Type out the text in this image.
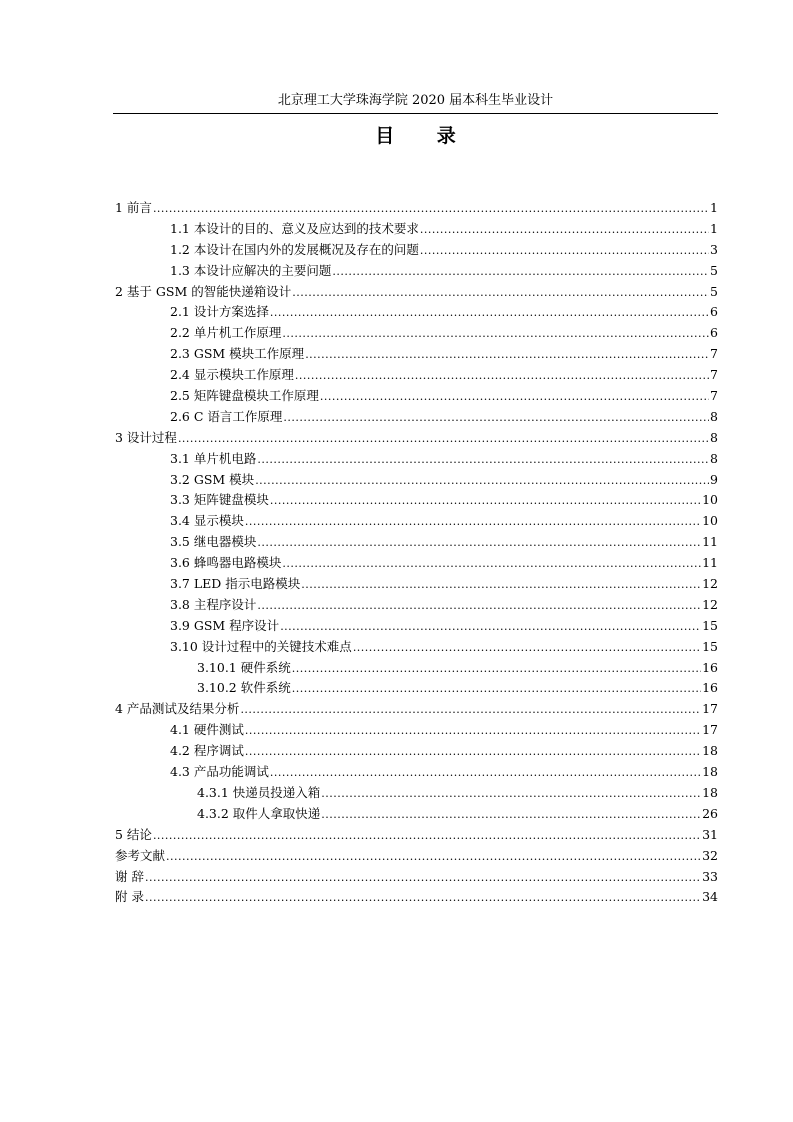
北京理工大学珠海学院 2020 届本科生毕业设计
目 录
1 前言 .....	1
1.1 本设计的目的、意义及应达到的技术要求 .....	1
1.2 本设计在国内外的发展概况及存在的问题 .....	3
1.3 本设计应解决的主要问题 .....	5
2 基于 GSM 的智能快递箱设计 .....	5
2.1 设计方案选择 .....	6
2.2 单片机工作原理 .....	6
2.3 GSM 模块工作原理 .....	7
2.4 显示模块工作原理 .....	7
2.5 矩阵键盘模块工作原理 .....	7
2.6 C 语言工作原理 .....	8
3 设计过程 .....	8
3.1 单片机电路 .....	8
3.2 GSM 模块 .....	9
3.3 矩阵键盘模块 .....	10
3.4 显示模块 .....	10
3.5 继电器模块 .....	11
3.6 蜂鸣器电路模块 .....	11
3.7 LED 指示电路模块 .....	12
3.8 主程序设计 .....	12
3.9 GSM 程序设计 .....	15
3.10 设计过程中的关键技术难点 .....	15
3.10.1 硬件系统 .....	16
3.10.2 软件系统 .....	16
4 产品测试及结果分析 .....	17
4.1 硬件测试 .....	17
4.2 程序调试 .....	18
4.3 产品功能调试 .....	18
4.3.1 快递员投递入箱 .....	18
4.3.2 取件人拿取快递 .....	26
5 结论 .....	31
参考文献 .....	32
谢 辞 .....	33
附 录 .....	34
